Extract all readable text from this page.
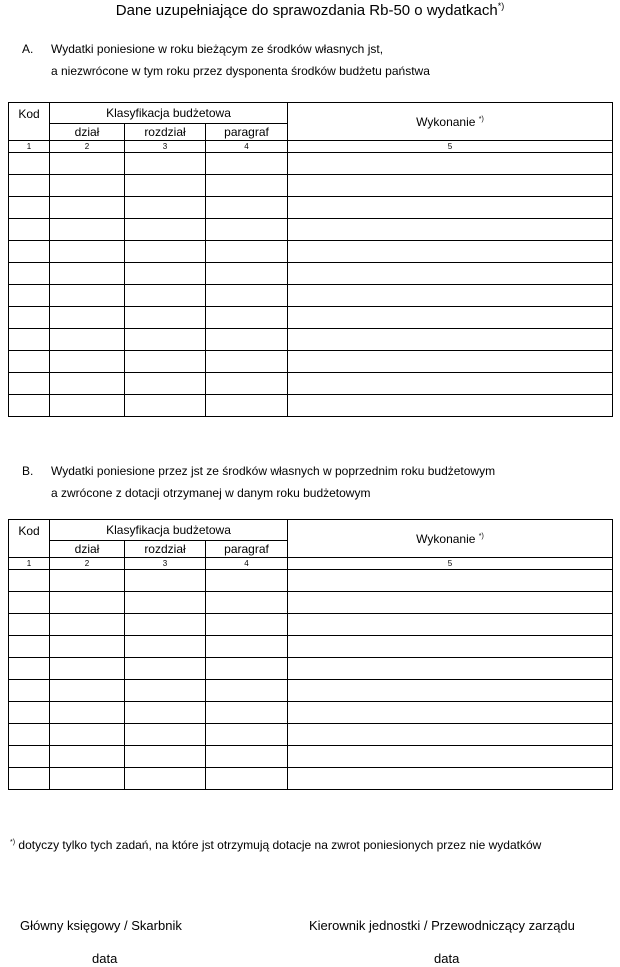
Dane uzupełniające do sprawozdania Rb-50 o wydatkach*)
A. Wydatki poniesione w roku bieżącym ze środków własnych jst,
a niezwrócone w tym roku przez dysponenta środków budżetu państwa
Kod	Klasyfikacja budżetowa			Wykonanie *)
	dział	rozdział	paragraf	
1	2	3	4	5

B. Wydatki poniesione przez jst ze środków własnych w poprzednim roku budżetowym
a zwrócone z dotacji otrzymanej w danym roku budżetowym
Kod	Klasyfikacja budżetowa			Wykonanie *)
	dział	rozdział	paragraf	
1	2	3	4	5

*) dotyczy tylko tych zadań, na które jst otrzymują dotacje na zwrot poniesionych przez nie wydatków
Główny księgowy / Skarbnik
data
Kierownik jednostki / Przewodniczący zarządu
data
